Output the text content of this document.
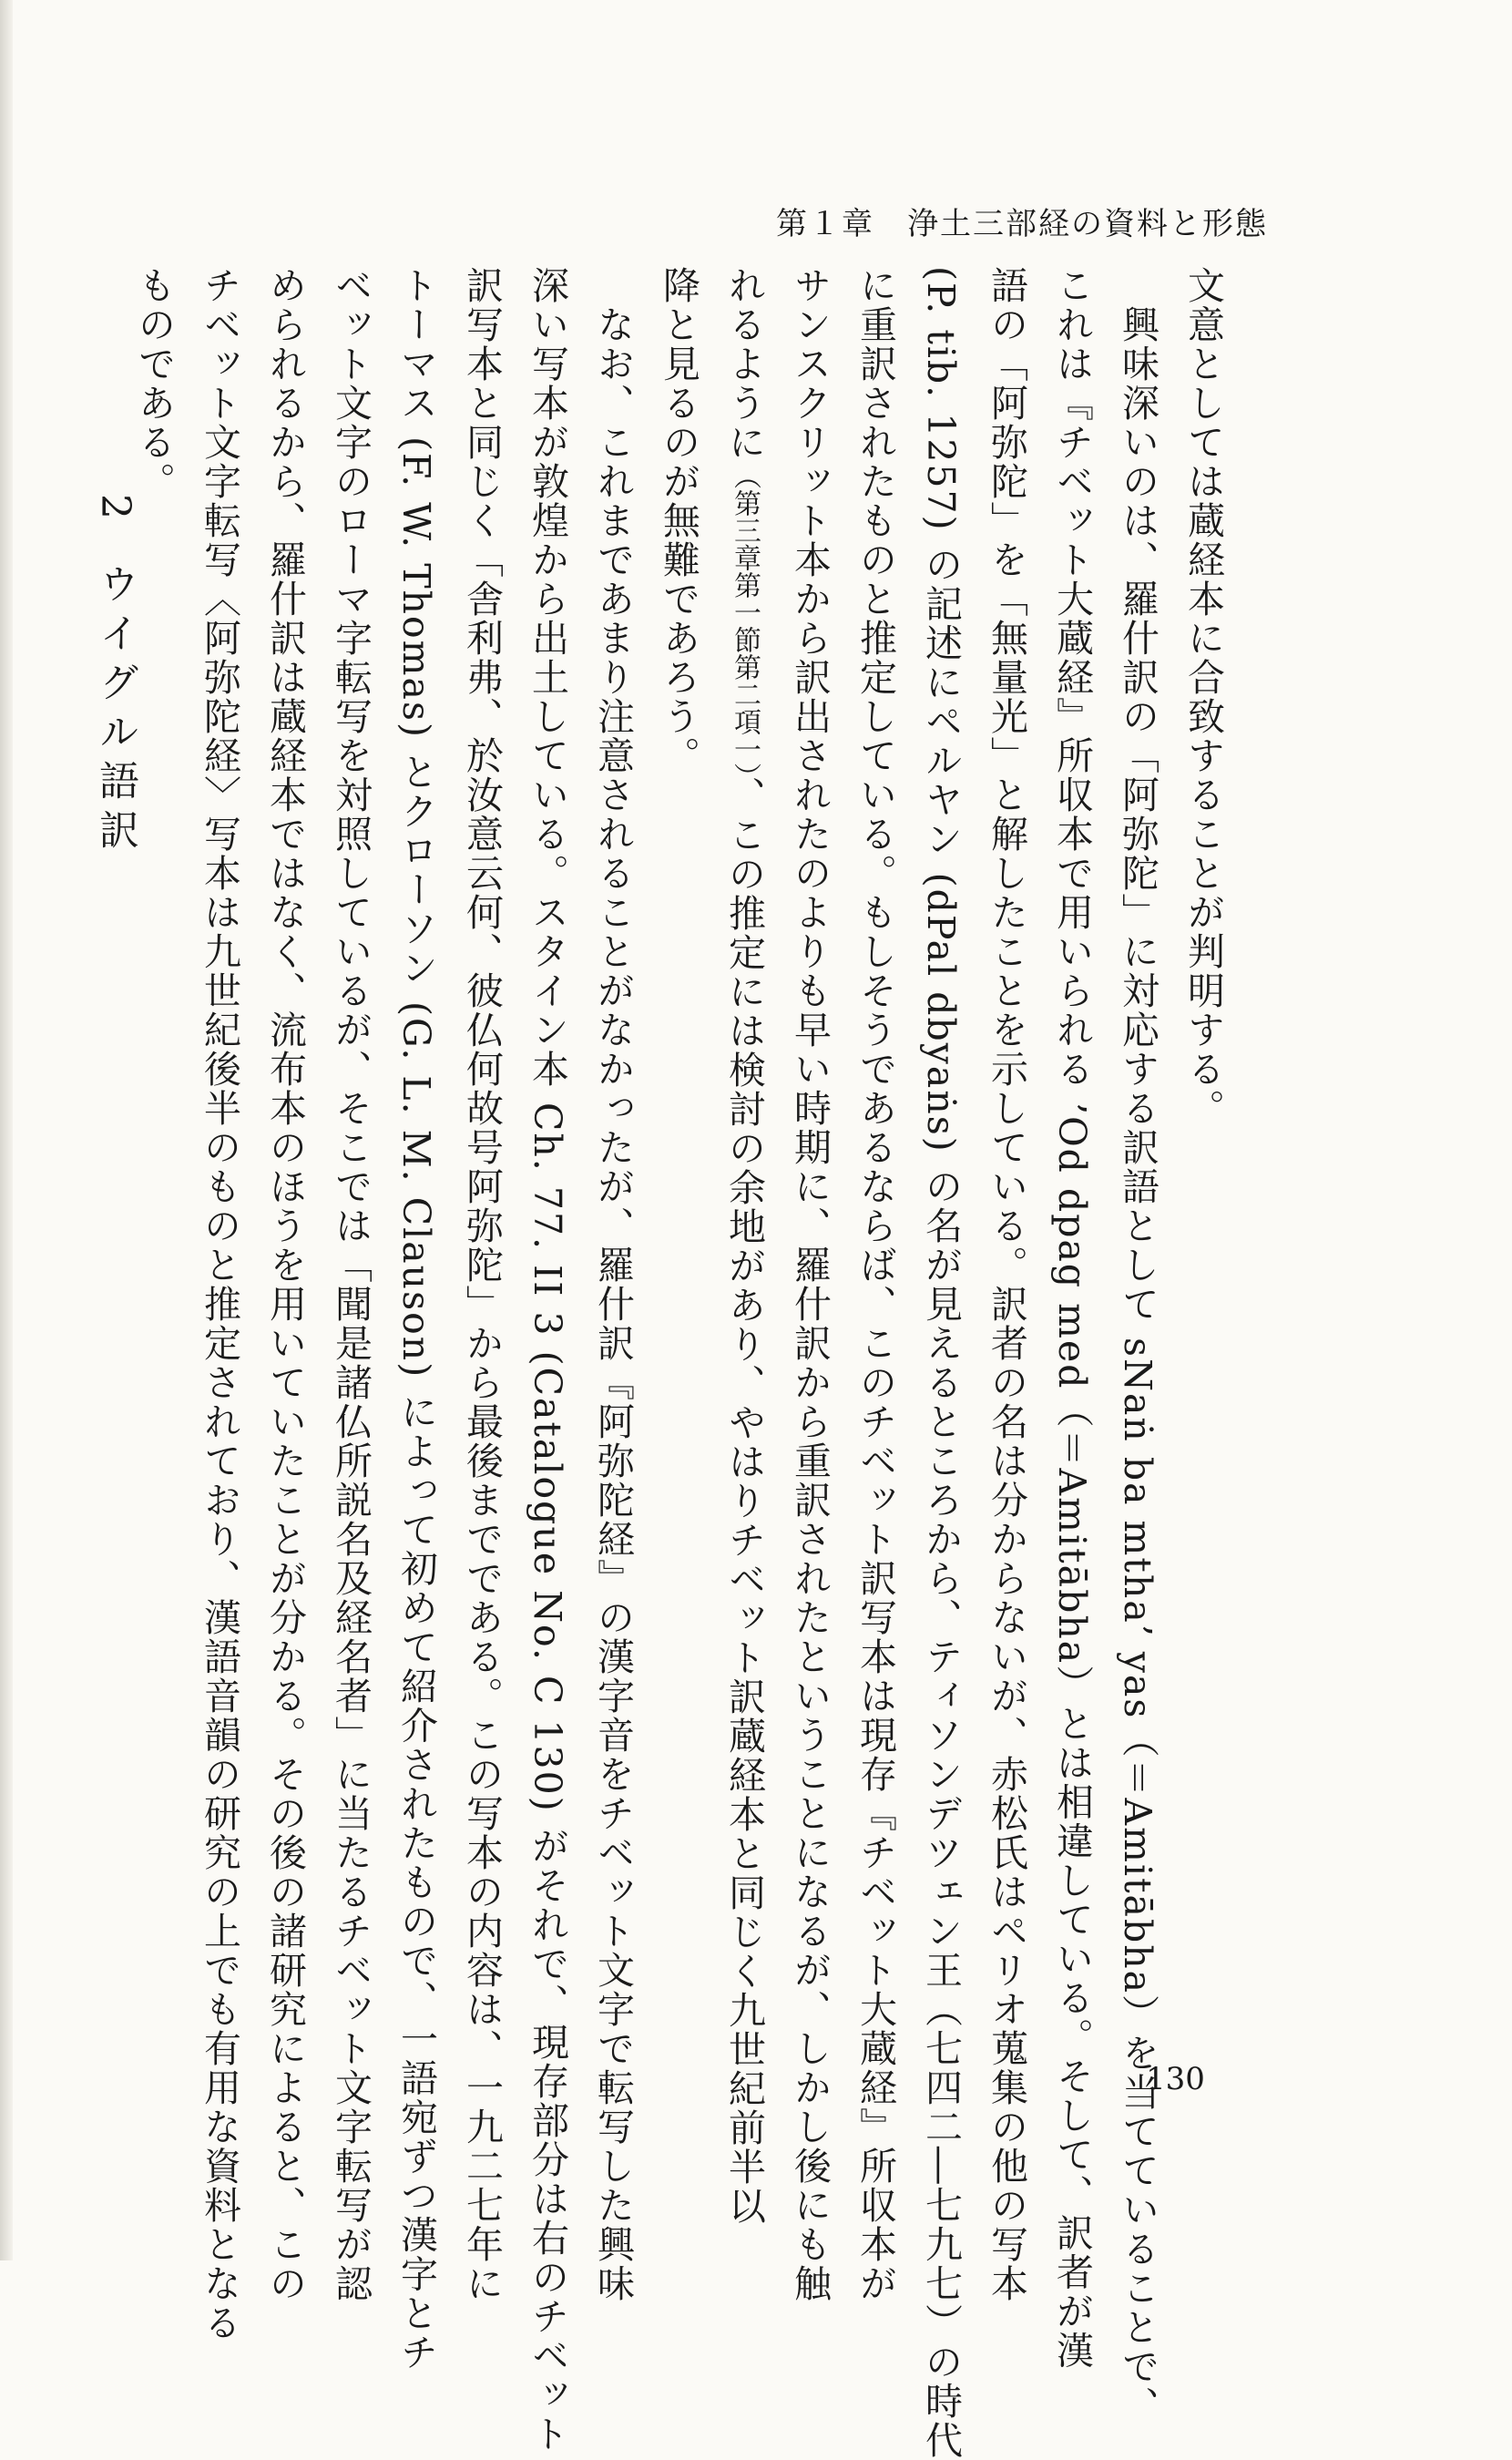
第１章　浄土三部経の資料と形態
2
ウイグル語訳
130
文意としては蔵経本に合致することが判明する。
　興味深いのは、羅什訳の「阿弥陀」に対応する訳語として sNaṅ ba mtha’ yas（＝Amitābha）を当てていることで、
これは『チベット大蔵経』所収本で用いられる ’Od dpag med（＝Amitābha）とは相違している。そして、訳者が漢
語の「阿弥陀」を「無量光」と解したことを示している。訳者の名は分からないが、赤松氏はペリオ蒐集の他の写本
(P. tib. 1257) の記述にペルヤン (dPal dbyaṅs) の名が見えるところから、ティソンデツェン王（七四二―七九七）の時代
に重訳されたものと推定している。もしそうであるならば、このチベット訳写本は現存『チベット大蔵経』所収本が
サンスクリット本から訳出されたのよりも早い時期に、羅什訳から重訳されたということになるが、しかし後にも触
れるように（第三章第一節第二項一）、この推定には検討の余地があり、やはりチベット訳蔵経本と同じく九世紀前半以
降と見るのが無難であろう。
　なお、これまであまり注意されることがなかったが、羅什訳『阿弥陀経』の漢字音をチベット文字で転写した興味
深い写本が敦煌から出土している。スタイン本 Ch. 77. II 3 (Catalogue No. C 130) がそれで、現存部分は右のチベット
訳写本と同じく「舎利弗、於汝意云何、彼仏何故号阿弥陀」から最後までである。この写本の内容は、一九二七年に
トーマス (F. W. Thomas) とクローソン (G. L. M. Clauson) によって初めて紹介されたもので、一語宛ずつ漢字とチ
ベット文字のローマ字転写を対照しているが、そこでは「聞是諸仏所説名及経名者」に当たるチベット文字転写が認
められるから、羅什訳は蔵経本ではなく、流布本のほうを用いていたことが分かる。その後の諸研究によると、この
チベット文字転写〈阿弥陀経〉写本は九世紀後半のものと推定されており、漢語音韻の研究の上でも有用な資料となる
ものである。
